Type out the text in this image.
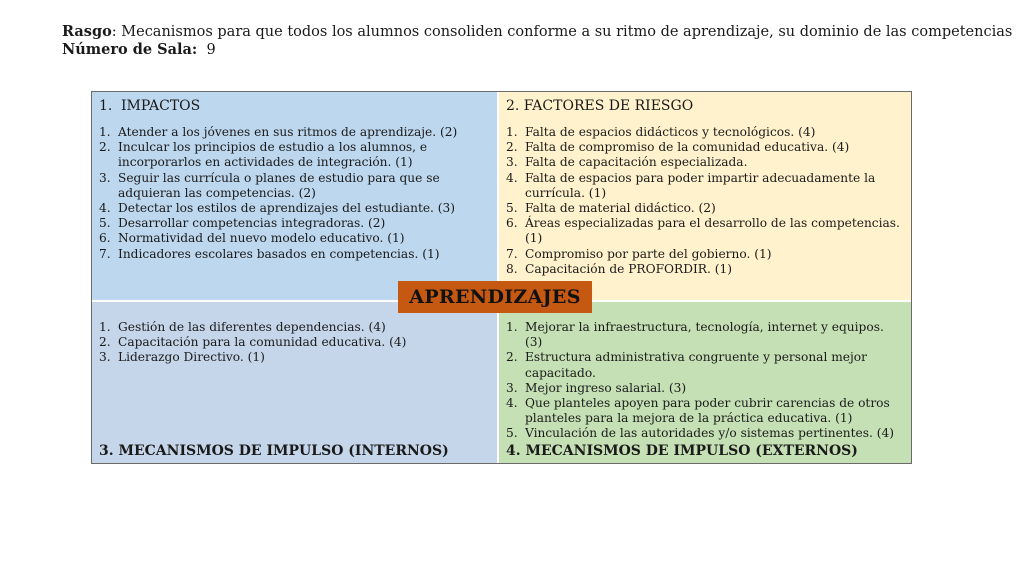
Rasgo: Mecanismos para que todos los alumnos consoliden conforme a su ritmo de aprendizaje, su dominio de las competencias
Número de Sala: 9
1. IMPACTOS
1. Atender a los jóvenes en sus ritmos de aprendizaje. (2)
2. Inculcar los principios de estudio a los alumnos, e incorporarlos en actividades de integración. (1)
3. Seguir las currícula o planes de estudio para que se adquieran las competencias. (2)
4. Detectar los estilos de aprendizajes del estudiante. (3)
5. Desarrollar competencias integradoras. (2)
6. Normatividad del nuevo modelo educativo. (1)
7. Indicadores escolares basados en competencias. (1)
2. FACTORES DE RIESGO
1. Falta de espacios didácticos y tecnológicos. (4)
2. Falta de compromiso de la comunidad educativa. (4)
3. Falta de capacitación especializada.
4. Falta de espacios para poder impartir adecuadamente la currícula. (1)
5. Falta de material didáctico. (2)
6. Áreas especializadas para el desarrollo de las competencias. (1)
7. Compromiso por parte del gobierno. (1)
8. Capacitación de PROFORDIR. (1)
1. Gestión de las diferentes dependencias. (4)
2. Capacitación para la comunidad educativa. (4)
3. Liderazgo Directivo. (1)
3. MECANISMOS DE IMPULSO (INTERNOS)
1. Mejorar la infraestructura, tecnología, internet y equipos. (3)
2. Estructura administrativa congruente y personal mejor capacitado.
3. Mejor ingreso salarial. (3)
4. Que planteles apoyen para poder cubrir carencias de otros planteles para la mejora de la práctica educativa. (1)
5. Vinculación de las autoridades y/o sistemas pertinentes. (4)
4. MECANISMOS DE IMPULSO (EXTERNOS)
APRENDIZAJES
